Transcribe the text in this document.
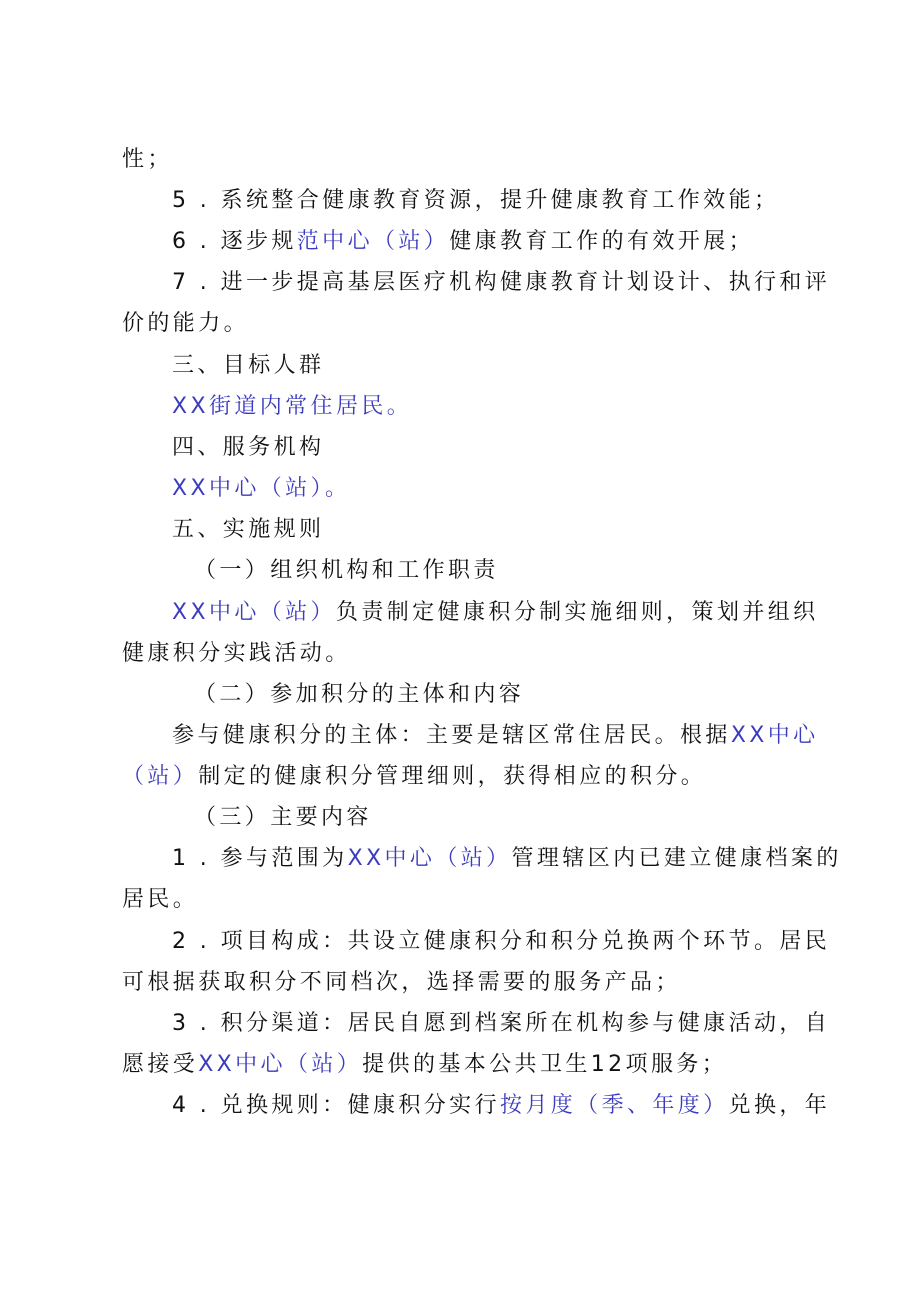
性；
5 . 系统整合健康教育资源，提升健康教育工作效能；
6 . 逐步规范中心（站）健康教育工作的有效开展；
7 . 进一步提高基层医疗机构健康教育计划设计、执行和评
价的能力。
三、目标人群
XX街道内常住居民。
四、服务机构
XX中心（站）。
五、实施规则
（一）组织机构和工作职责
XX中心（站）负责制定健康积分制实施细则，策划并组织
健康积分实践活动。
（二）参加积分的主体和内容
参与健康积分的主体：主要是辖区常住居民。根据XX中心
（站）制定的健康积分管理细则，获得相应的积分。
（三）主要内容
1 . 参与范围为XX中心（站）管理辖区内已建立健康档案的
居民。
2 . 项目构成：共设立健康积分和积分兑换两个环节。居民
可根据获取积分不同档次，选择需要的服务产品；
3 . 积分渠道：居民自愿到档案所在机构参与健康活动，自
愿接受XX中心（站）提供的基本公共卫生12项服务；
4 . 兑换规则：健康积分实行按月度（季、年度）兑换，年
